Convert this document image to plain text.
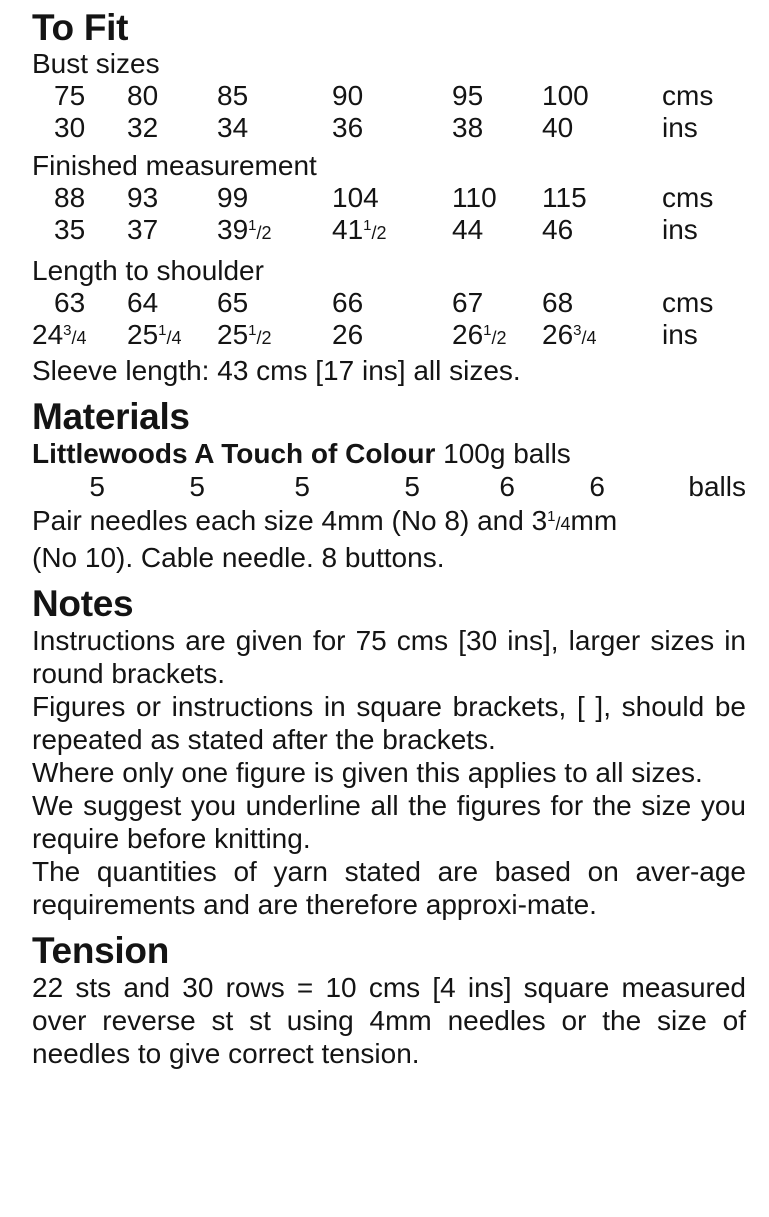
To Fit

Bust sizes

75	80	85	90	95	100	cms
30	32	34	36	38	40	ins

Finished measurement

88	93	99	104	110	115	cms
35	37	$39^1/2$	$41^1/2$	44	46	ins

Length to shoulder

63	64	65	66	67	68	cms
$24^3/4$	$25^1/4$	$25^1/2$	26	$26^1/2$	$26^3/4$	ins

Sleeve length: 43 cms [17 ins] all sizes.

Materials

Littlewoods A Touch of Colour 100g balls

5	5	5	5	6	6	balls

Pair needles each size 4mm (No 8) and $3^1/4mm$

(No 10). Cable needle. 8 buttons.

Notes

Instructions are given for 75 cms [30 ins], larger sizes in round brackets.

Figures or instructions in square brackets, [ ], should be repeated as stated after the brackets.

Where only one figure is given this applies to all sizes.

We suggest you underline all the figures for the size you require before knitting.

The quantities of yarn stated are based on aver-age requirements and are therefore approxi-mate.

Tension

22 sts and 30 rows = 10 cms [4 ins] square measured over reverse st st using 4mm needles or the size of needles to give correct tension.
